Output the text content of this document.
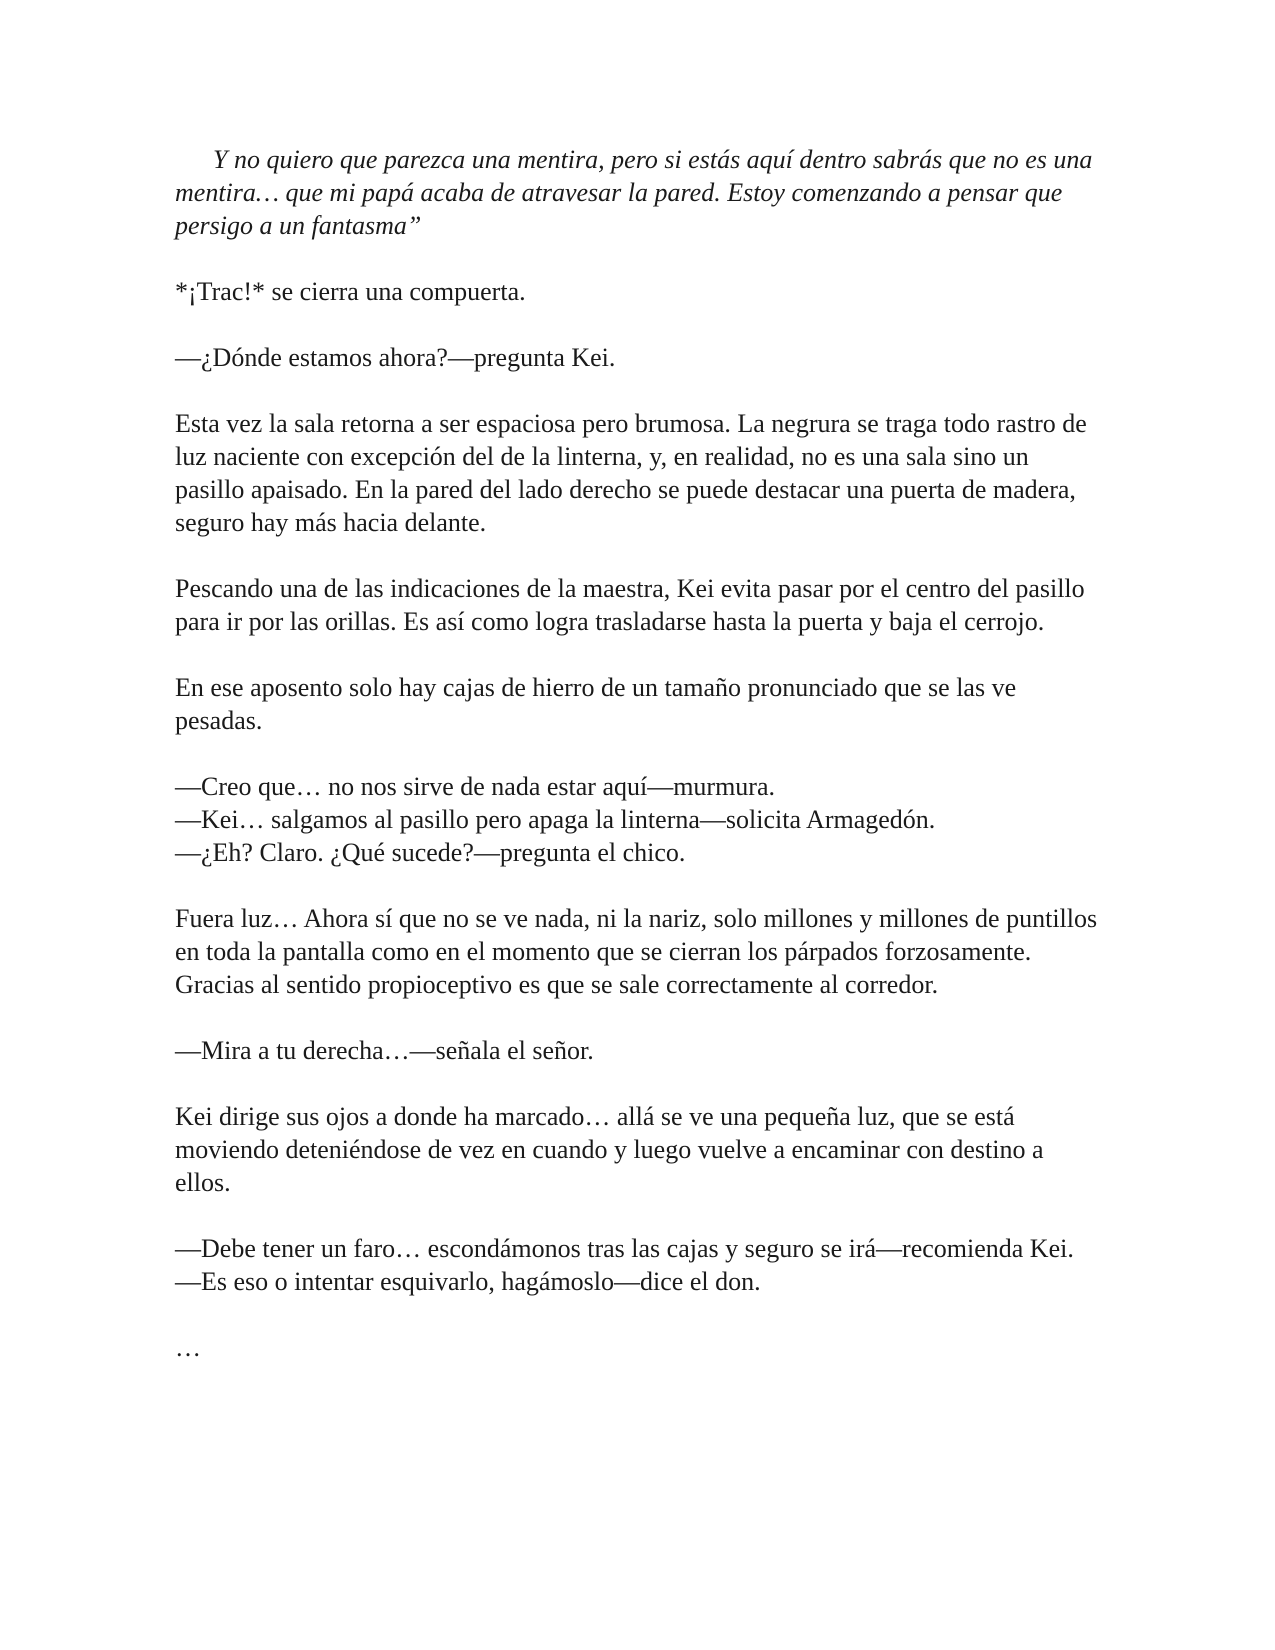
Y no quiero que parezca una mentira, pero si estás aquí dentro sabrás que no es una mentira… que mi papá acaba de atravesar la pared. Estoy comenzando a pensar que persigo a un fantasma”

*¡Trac!* se cierra una compuerta.

—¿Dónde estamos ahora?—pregunta Kei.

Esta vez la sala retorna a ser espaciosa pero brumosa. La negrura se traga todo rastro de luz naciente con excepción del de la linterna, y, en realidad, no es una sala sino un pasillo apaisado. En la pared del lado derecho se puede destacar una puerta de madera, seguro hay más hacia delante.

Pescando una de las indicaciones de la maestra, Kei evita pasar por el centro del pasillo para ir por las orillas. Es así como logra trasladarse hasta la puerta y baja el cerrojo.

En ese aposento solo hay cajas de hierro de un tamaño pronunciado que se las ve pesadas.

—Creo que… no nos sirve de nada estar aquí—murmura.

—Kei… salgamos al pasillo pero apaga la linterna—solicita Armagedón.

—¿Eh? Claro. ¿Qué sucede?—pregunta el chico.

Fuera luz… Ahora sí que no se ve nada, ni la nariz, solo millones y millones de puntillos en toda la pantalla como en el momento que se cierran los párpados forzosamente. Gracias al sentido propioceptivo es que se sale correctamente al corredor.

—Mira a tu derecha…—señala el señor.

Kei dirige sus ojos a donde ha marcado… allá se ve una pequeña luz, que se está moviendo deteniéndose de vez en cuando y luego vuelve a encaminar con destino a ellos.

—Debe tener un faro… escondámonos tras las cajas y seguro se irá—recomienda Kei.

—Es eso o intentar esquivarlo, hagámoslo—dice el don.

…
